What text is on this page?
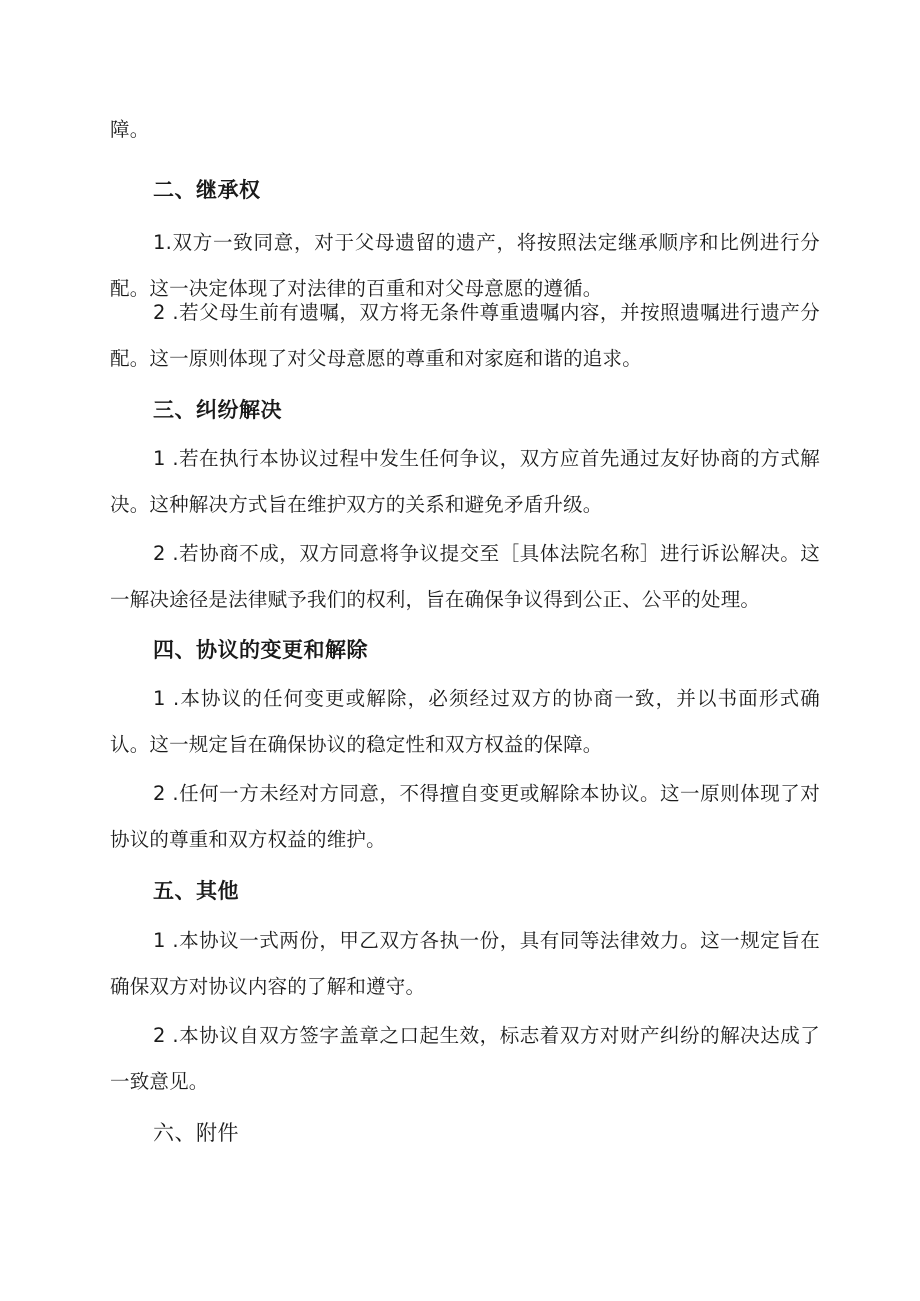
障。

二、继承权

1.双方一致同意，对于父母遗留的遗产，将按照法定继承顺序和比例进行分配。这一决定体现了对法律的百重和对父母意愿的遵循。

2 .若父母生前有遗嘱，双方将无条件尊重遗嘱内容，并按照遗嘱进行遗产分配。这一原则体现了对父母意愿的尊重和对家庭和谐的追求。

三、纠纷解决

1 .若在执行本协议过程中发生任何争议，双方应首先通过友好协商的方式解决。这种解决方式旨在维护双方的关系和避免矛盾升级。

2 .若协商不成，双方同意将争议提交至［具体法院名称］进行诉讼解决。这一解决途径是法律赋予我们的权利，旨在确保争议得到公正、公平的处理。

四、协议的变更和解除

1 .本协议的任何变更或解除，必须经过双方的协商一致，并以书面形式确认。这一规定旨在确保协议的稳定性和双方权益的保障。

2 .任何一方未经对方同意，不得擅自变更或解除本协议。这一原则体现了对协议的尊重和双方权益的维护。

五、其他

1 .本协议一式两份，甲乙双方各执一份，具有同等法律效力。这一规定旨在确保双方对协议内容的了解和遵守。

2 .本协议自双方签字盖章之口起生效，标志着双方对财产纠纷的解决达成了一致意见。

六、附件
